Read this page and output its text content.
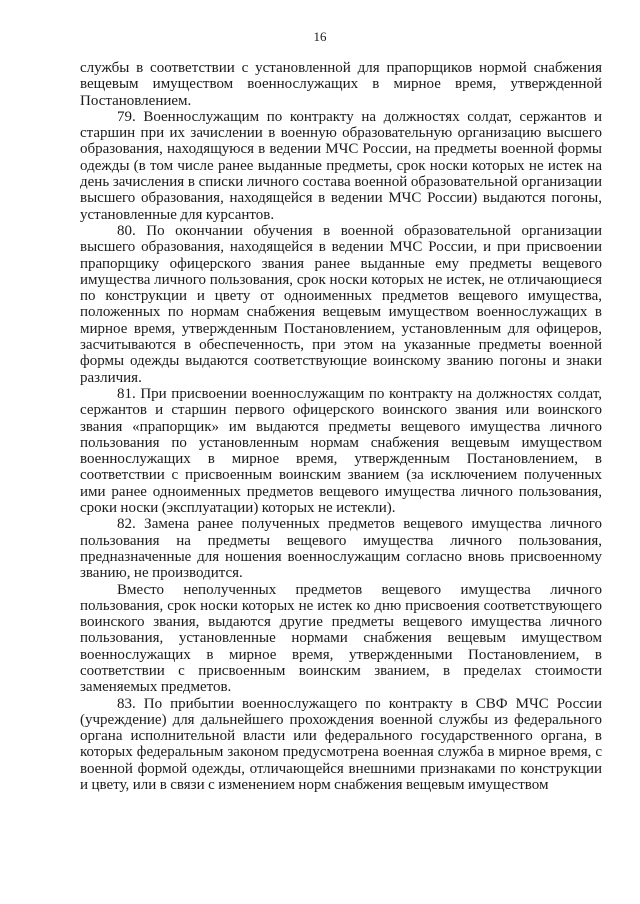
16

службы в соответствии с установленной для прапорщиков нормой снабжения вещевым имуществом военнослужащих в мирное время, утвержденной Постановлением.

79. Военнослужащим по контракту на должностях солдат, сержантов и старшин при их зачислении в военную образовательную организацию высшего образования, находящуюся в ведении МЧС России, на предметы военной формы одежды (в том числе ранее выданные предметы, срок носки которых не истек на день зачисления в списки личного состава военной образовательной организации высшего образования, находящейся в ведении МЧС России) выдаются погоны, установленные для курсантов.

80. По окончании обучения в военной образовательной организации высшего образования, находящейся в ведении МЧС России, и при присвоении прапорщику офицерского звания ранее выданные ему предметы вещевого имущества личного пользования, срок носки которых не истек, не отличающиеся по конструкции и цвету от одноименных предметов вещевого имущества, положенных по нормам снабжения вещевым имуществом военнослужащих в мирное время, утвержденным Постановлением, установленным для офицеров, засчитываются в обеспеченность, при этом на указанные предметы военной формы одежды выдаются соответствующие воинскому званию погоны и знаки различия.

81. При присвоении военнослужащим по контракту на должностях солдат, сержантов и старшин первого офицерского воинского звания или воинского звания «прапорщик» им выдаются предметы вещевого имущества личного пользования по установленным нормам снабжения вещевым имуществом военнослужащих в мирное время, утвержденным Постановлением, в соответствии с присвоенным воинским званием (за исключением полученных ими ранее одноименных предметов вещевого имущества личного пользования, сроки носки (эксплуатации) которых не истекли).

82. Замена ранее полученных предметов вещевого имущества личного пользования на предметы вещевого имущества личного пользования, предназначенные для ношения военнослужащим согласно вновь присвоенному званию, не производится.

Вместо неполученных предметов вещевого имущества личного пользования, срок носки которых не истек ко дню присвоения соответствующего воинского звания, выдаются другие предметы вещевого имущества личного пользования, установленные нормами снабжения вещевым имуществом военнослужащих в мирное время, утвержденными Постановлением, в соответствии с присвоенным воинским званием, в пределах стоимости заменяемых предметов.

83. По прибытии военнослужащего по контракту в СВФ МЧС России (учреждение) для дальнейшего прохождения военной службы из федерального органа исполнительной власти или федерального государственного органа, в которых федеральным законом предусмотрена военная служба в мирное время, с военной формой одежды, отличающейся внешними признаками по конструкции и цвету, или в связи с изменением норм снабжения вещевым имуществом
